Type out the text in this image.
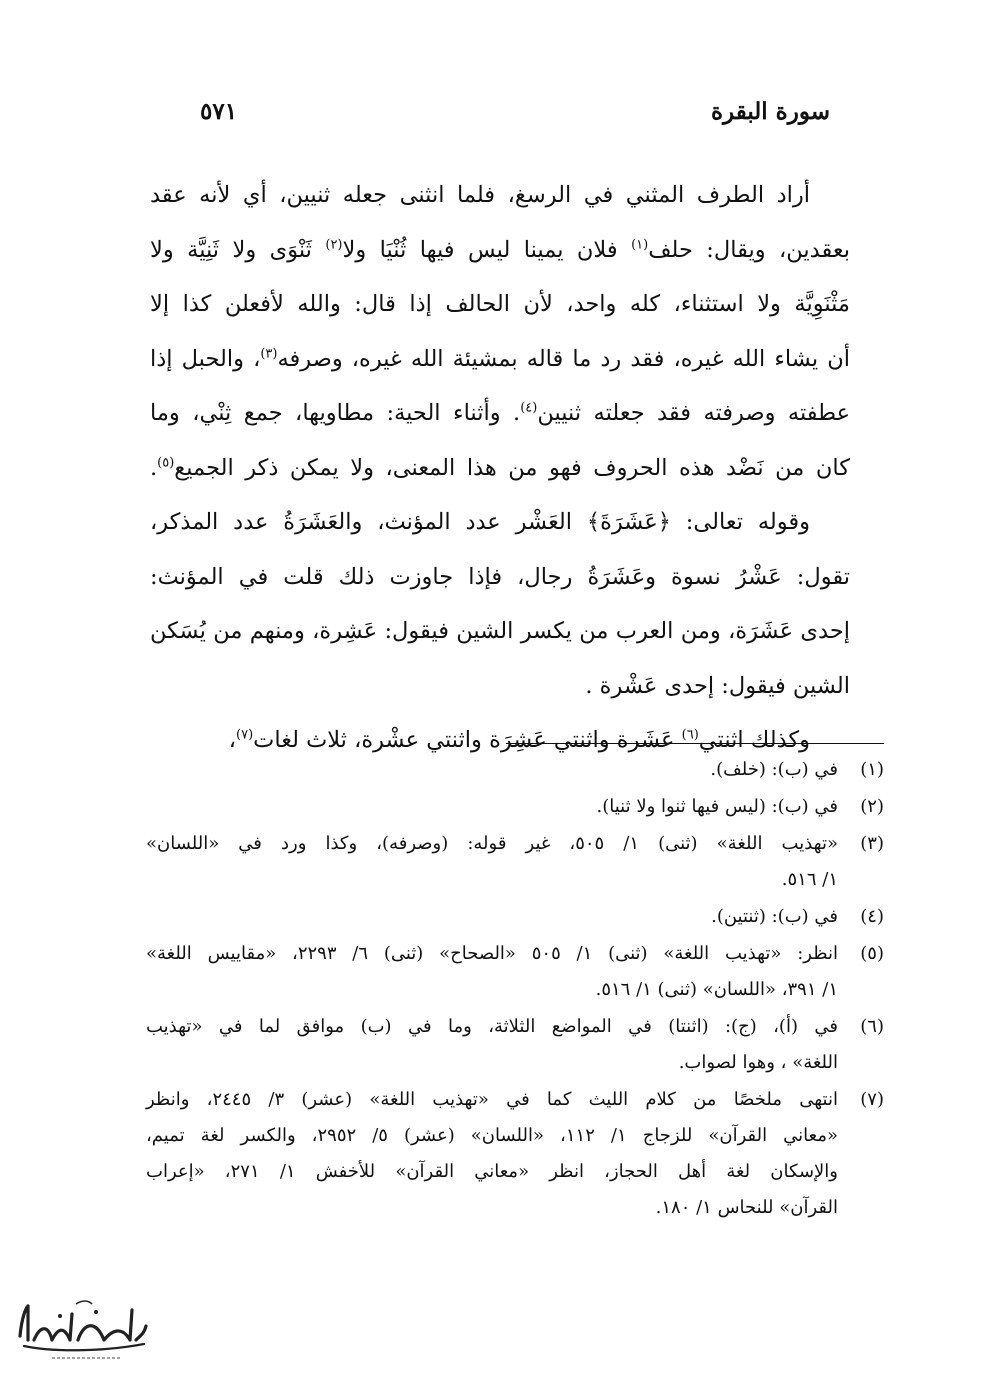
سورة البقرة
٥٧١
أراد الطرف المثني في الرسغ، فلما انثنى جعله ثنيين، أي لأنه عقد
بعقدين، ويقال: حلف$^{(١)}$ فلان يمينا ليس فيها ثُنْيَا ولا$^{(٢)}$ ثَنْوَى ولا ثَنِيَّة ولا
مَثْنَوِيَّة ولا استثناء، كله واحد، لأن الحالف إذا قال: والله لأفعلن كذا إلا
أن يشاء الله غيره، فقد رد ما قاله بمشيئة الله غيره، وصرفه$^{(٣)}$، والحبل إذا
عطفته وصرفته فقد جعلته ثنيين$^{(٤)}$. وأثناء الحية: مطاويها، جمع ثِنْي، وما
كان من نَضْد هذه الحروف فهو من هذا المعنى، ولا يمكن ذكر الجميع$^{(٥)}$.
وقوله تعالى: ﴿عَشَرَةَ﴾ العَشْر عدد المؤنث، والعَشَرَةُ عدد المذكر،
تقول: عَشْرُ نسوة وعَشَرَةُ رجال، فإذا جاوزت ذلك قلت في المؤنث:
إحدى عَشَرَة، ومن العرب من يكسر الشين فيقول: عَشِرة، ومنهم من يُسَكن
الشين فيقول: إحدى عَشْرة .
وكذلك اثنتي$^{(٦)}$ عَشَرة واثنتي عَشِرَة واثنتي عشْرة، ثلاث لغات$^{(٧)}$،
(١)
في (ب): (خلف).
(٢)
في (ب): (ليس فيها ثنوا ولا ثنيا).
(٣)
«تهذيب اللغة» (ثنى) ١/ ٥٠٥، غير قوله: (وصرفه)، وكذا ورد في «اللسان»
١/ ٥١٦.
(٤)
في (ب): (ثنتين).
(٥)
انظر: «تهذيب اللغة» (ثنى) ١/ ٥٠٥ «الصحاح» (ثنى) ٦/ ٢٢٩٣، «مقاييس اللغة»
١/ ٣٩١، «اللسان» (ثنى) ١/ ٥١٦.
(٦)
في (أ)، (ج): (اثنتا) في المواضع الثلاثة، وما في (ب) موافق لما في «تهذيب
اللغة» ، وهوا لصواب.
(٧)
انتهى ملخصًا من كلام الليث كما في «تهذيب اللغة» (عشر) ٣/ ٢٤٤٥، وانظر
«معاني القرآن» للزجاج ١/ ١١٢، «اللسان» (عشر) ٥/ ٢٩٥٢، والكسر لغة تميم،
والإسكان لغة أهل الحجاز، انظر «معاني القرآن» للأخفش ١/ ٢٧١، «إعراب
القرآن» للنحاس ١/ ١٨٠.
